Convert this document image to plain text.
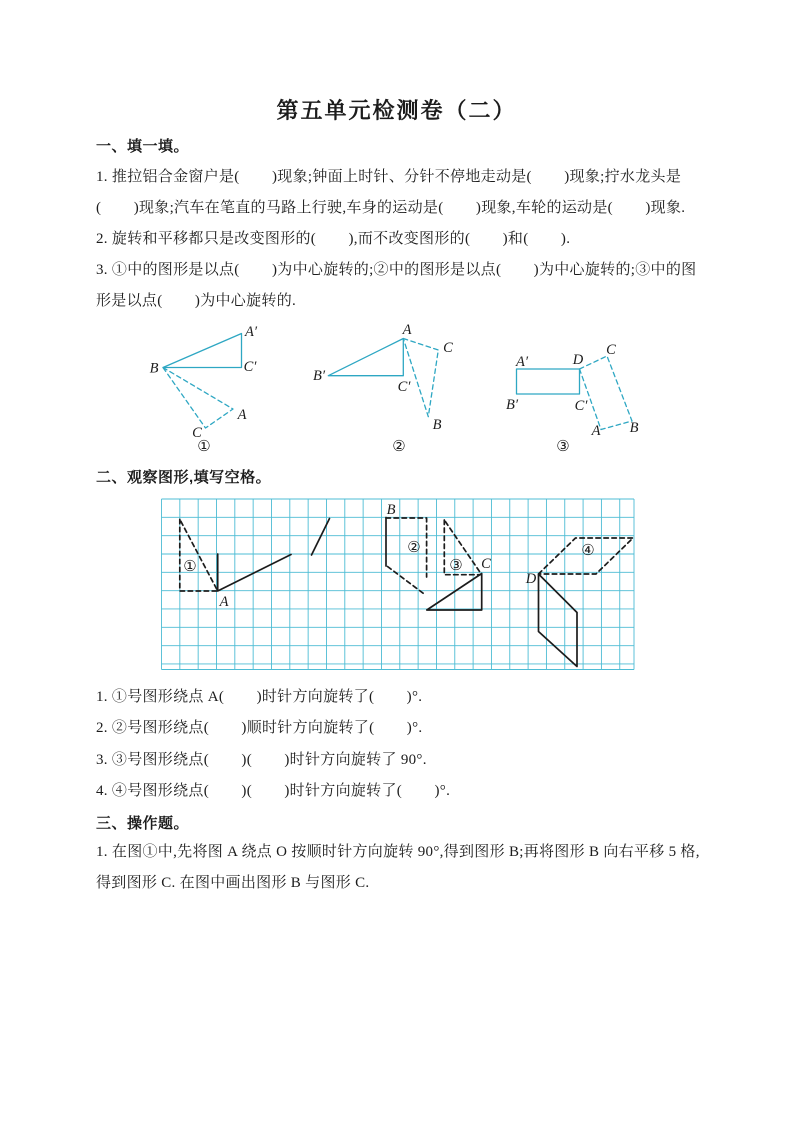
第五单元检测卷（二）
一、填一填。
1. 推拉铝合金窗户是(        )现象;钟面上时针、分针不停地走动是(        )现象;拧水龙头是
(        )现象;汽车在笔直的马路上行驶,车身的运动是(        )现象,车轮的运动是(        )现象.
2. 旋转和平移都只是改变图形的(        ),而不改变图形的(        )和(        ).
3. ①中的图形是以点(        )为中心旋转的;②中的图形是以点(        )为中心旋转的;③中的图
形是以点(        )为中心旋转的.
二、观察图形,填写空格。
1. ①号图形绕点 A(        )时针方向旋转了(        )°.
2. ②号图形绕点(        )顺时针方向旋转了(        )°.
3. ③号图形绕点(        )(        )时针方向旋转了 90°.
4. ④号图形绕点(        )(        )时针方向旋转了(        )°.
三、操作题。
1. 在图①中,先将图 A 绕点 O 按顺时针方向旋转 90°,得到图形 B;再将图形 B 向右平移 5 格,
得到图形 C. 在图中画出图形 B 与图形 C.
B
A′
C′
A
C
①
A
C
B′
C′
B
②
A′	D
C
B′	C′
A B
③
A
①
B
②
C
③
D
④
